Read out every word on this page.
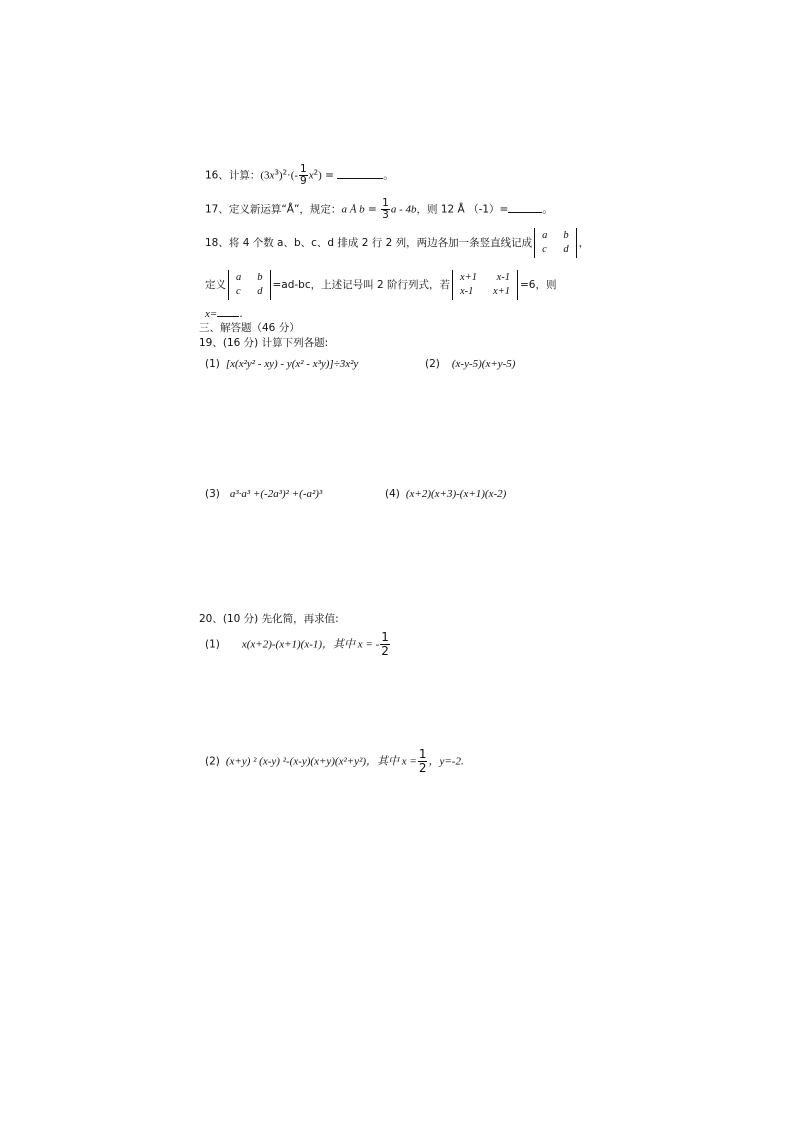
16、计算：$(3x^3)^2\cdot(- \frac{1}{9} x^2)$ =	。
17、定义新运算“Å”，规定：a Å $b = \frac{1}{3}$ a - 4b，则 12 Å （-1）=	。
18、将 4 个数 a、b、c、d 排成 2 行 2 列，两边各加一条竖直线记成
a	b
c	d
，
定义
a	b
c	d
=ad-bc，上述记号叫 2 阶行列式，若
x+1	x-1
x-1	x+1
=6，则
x= .
三、解答题（46 分）
19、(16 分) 计算下列各题:
(1) [x(x²y² - xy) - y(x² - x³y)]÷3x²y	(2) (x-y-5)(x+y-5)
(3) a³·a³ +(-2a³)² +(-a²)³	(4) (x+2)(x+3)-(x+1)(x-2)
20、(10 分) 先化简，再求值:
(1) x(x+2)-(x+1)(x-1)，其中 x = - $\frac{1}{2}$
(2) (x+y) ² (x-y) ²-(x-y)(x+y)(x²+y²)，其中 $x = \frac{1}{2}$ ，y=-2.
